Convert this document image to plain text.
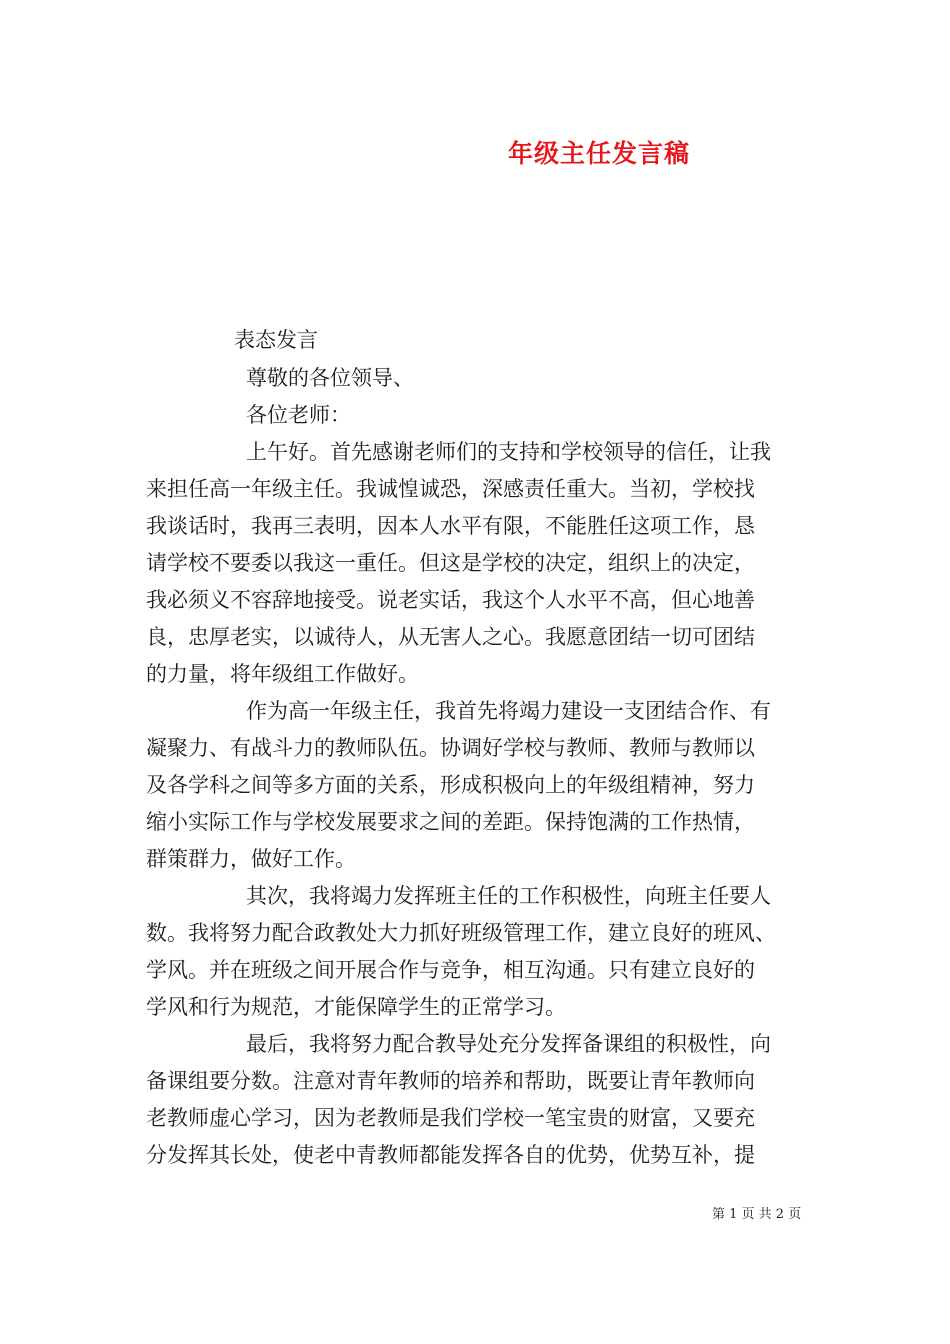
年级主任发言稿
表态发言
尊敬的各位领导、
各位老师：
上午好。首先感谢老师们的支持和学校领导的信任，让我
来担任高一年级主任。我诚惶诚恐，深感责任重大。当初，学校找
我谈话时，我再三表明，因本人水平有限，不能胜任这项工作，恳
请学校不要委以我这一重任。但这是学校的决定，组织上的决定，
我必须义不容辞地接受。说老实话，我这个人水平不高，但心地善
良，忠厚老实，以诚待人，从无害人之心。我愿意团结一切可团结
的力量，将年级组工作做好。
作为高一年级主任，我首先将竭力建设一支团结合作、有
凝聚力、有战斗力的教师队伍。协调好学校与教师、教师与教师以
及各学科之间等多方面的关系，形成积极向上的年级组精神，努力
缩小实际工作与学校发展要求之间的差距。保持饱满的工作热情，
群策群力，做好工作。
其次，我将竭力发挥班主任的工作积极性，向班主任要人
数。我将努力配合政教处大力抓好班级管理工作，建立良好的班风、
学风。并在班级之间开展合作与竞争，相互沟通。只有建立良好的
学风和行为规范，才能保障学生的正常学习。
最后，我将努力配合教导处充分发挥备课组的积极性，向
备课组要分数。注意对青年教师的培养和帮助，既要让青年教师向
老教师虚心学习，因为老教师是我们学校一笔宝贵的财富，又要充
分发挥其长处，使老中青教师都能发挥各自的优势，优势互补，提
第 1 页 共 2 页
